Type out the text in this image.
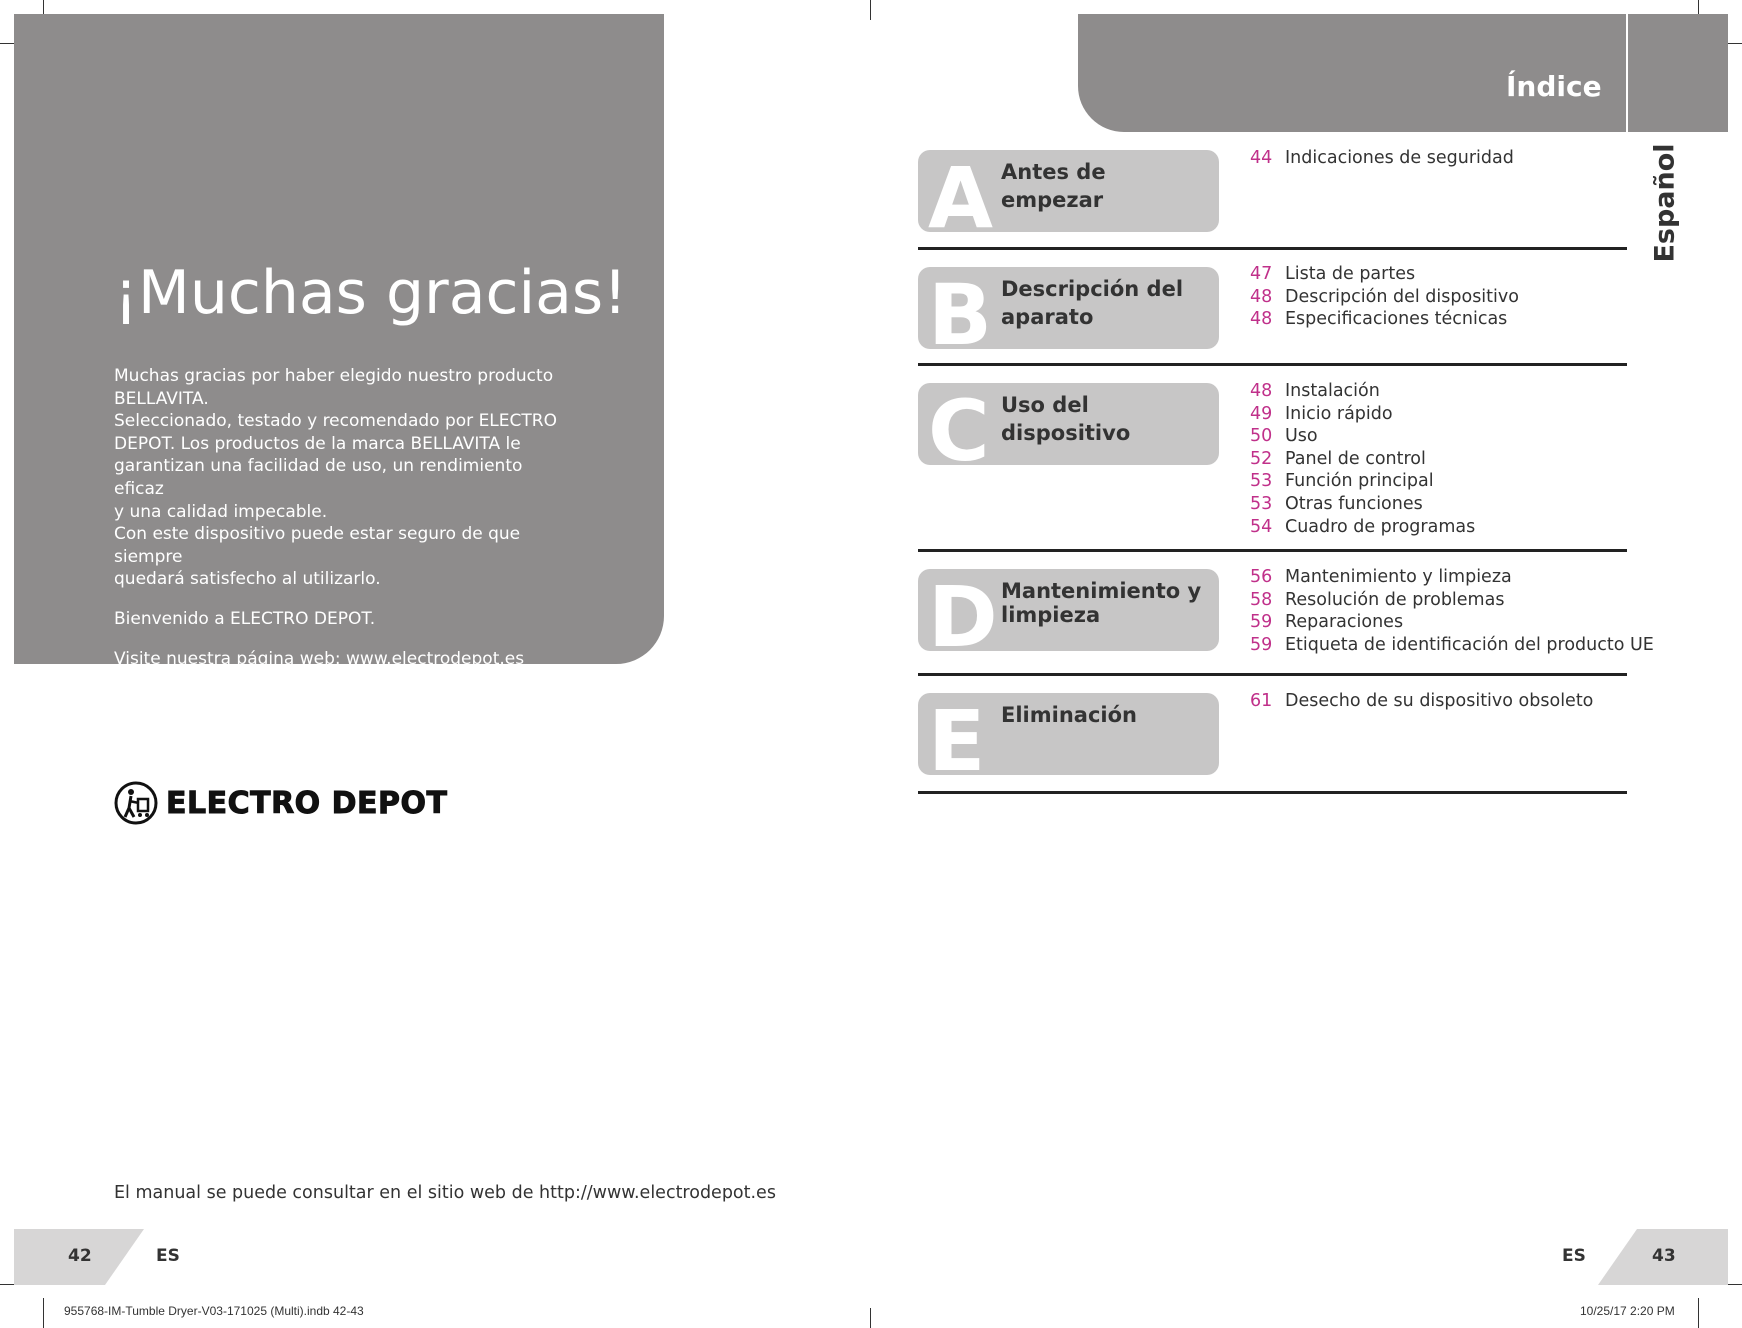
¡Muchas gracias!

Muchas gracias por haber elegido nuestro producto
BELLAVITA.
Seleccionado, testado y recomendado por ELECTRO
DEPOT. Los productos de la marca BELLAVITA le
garantizan una facilidad de uso, un rendimiento eficaz
y una calidad impecable.
Con este dispositivo puede estar seguro de que siempre
quedará satisfecho al utilizarlo.

Bienvenido a ELECTRO DEPOT.

Visite nuestra página web: www.electrodepot.es

ELECTRO DEPOT
El manual se puede consultar en el sitio web de http://www.electrodepot.es
42	ES
955768-IM-Tumble Dryer-V03-171025 (Multi).indb 42-43
Índice
Español
A Antes de empezar
44 Indicaciones de seguridad
B Descripción del aparato
47 Lista de partes
48 Descripción del dispositivo
48 Especificaciones técnicas
C Uso del dispositivo
48 Instalación
49 Inicio rápido
50 Uso
52 Panel de control
53 Función principal
53 Otras funciones
54 Cuadro de programas
D Mantenimiento y limpieza
56 Mantenimiento y limpieza
58 Resolución de problemas
59 Reparaciones
59 Etiqueta de identificación del producto UE
E Eliminación
61 Desecho de su dispositivo obsoleto
ES	43
10/25/17 2:20 PM
